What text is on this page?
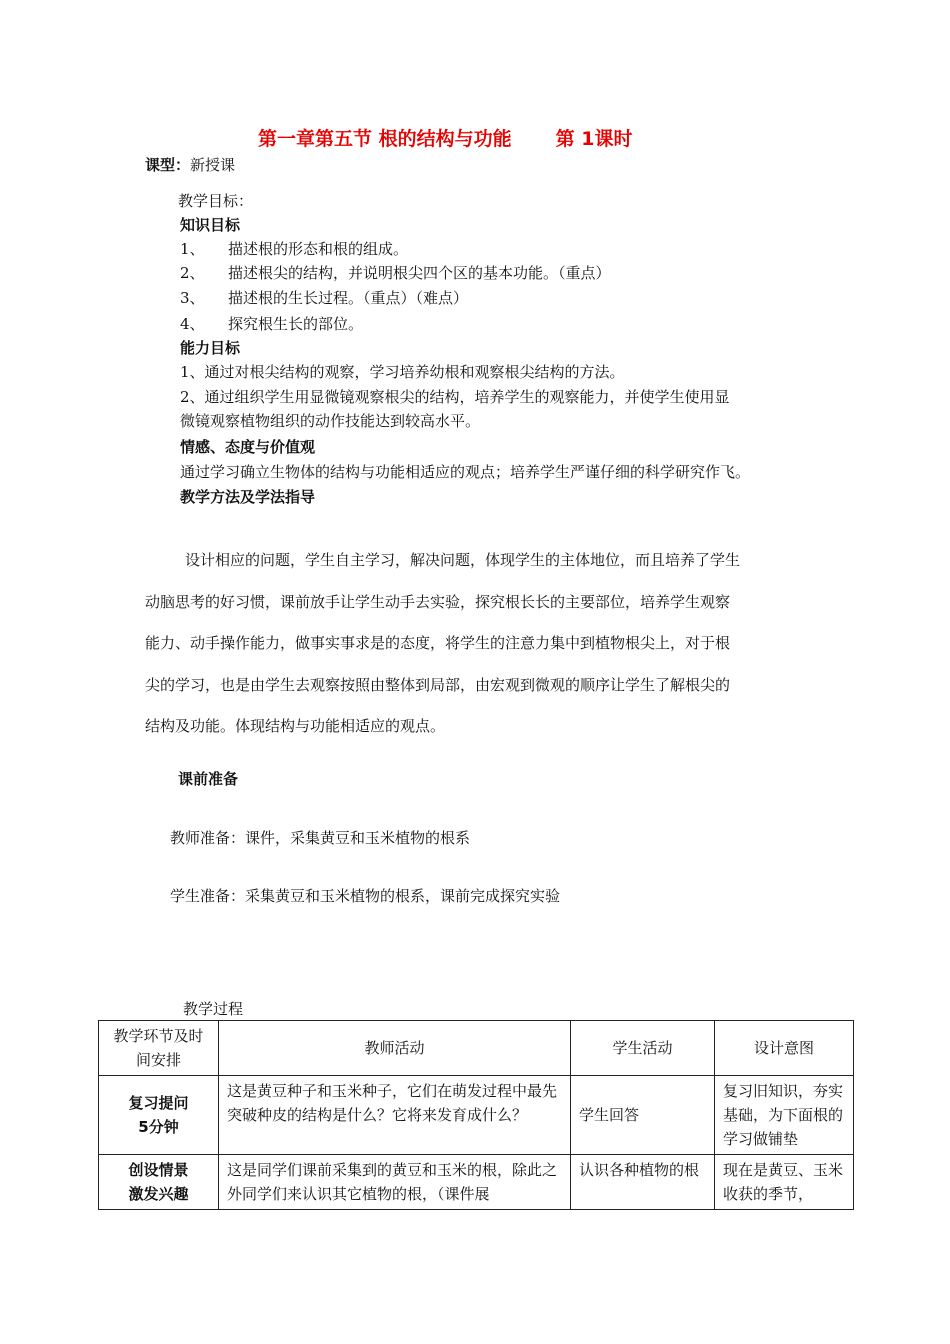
第一章第五节 根的结构与功能 第 1课时
课型：新授课
教学目标：
知识目标
1、 描述根的形态和根的组成。
2、 描述根尖的结构，并说明根尖四个区的基本功能。（重点）
3、 描述根的生长过程。（重点）（难点）
4、 探究根生长的部位。
能力目标
1、通过对根尖结构的观察，学习培养幼根和观察根尖结构的方法。
2、通过组织学生用显微镜观察根尖的结构，培养学生的观察能力，并使学生使用显
微镜观察植物组织的动作技能达到较高水平。
情感、态度与价值观
通过学习确立生物体的结构与功能相适应的观点；培养学生严谨仔细的科学研究作飞。
教学方法及学法指导
设计相应的问题，学生自主学习，解决问题，体现学生的主体地位，而且培养了学生
动脑思考的好习惯，课前放手让学生动手去实验，探究根长长的主要部位，培养学生观察
能力、动手操作能力，做事实事求是的态度，将学生的注意力集中到植物根尖上，对于根
尖的学习，也是由学生去观察按照由整体到局部，由宏观到微观的顺序让学生了解根尖的
结构及功能。体现结构与功能相适应的观点。
课前准备
教师准备：课件，采集黄豆和玉米植物的根系
学生准备：采集黄豆和玉米植物的根系，课前完成探究实验
教学过程
教学环节及时间安排	教师活动	学生活动	设计意图

复习提问
5分钟	这是黄豆种子和玉米种子，它们在萌发过程中最先突破种皮的结构是什么？它将来发育成什么？	学生回答	复习旧知识，夯实基础，为下面根的学习做铺垫

创设情景
激发兴趣	这是同学们课前采集到的黄豆和玉米的根，除此之外同学们来认识其它植物的根，（课件展	认识各种植物的根	现在是黄豆、玉米收获的季节，
